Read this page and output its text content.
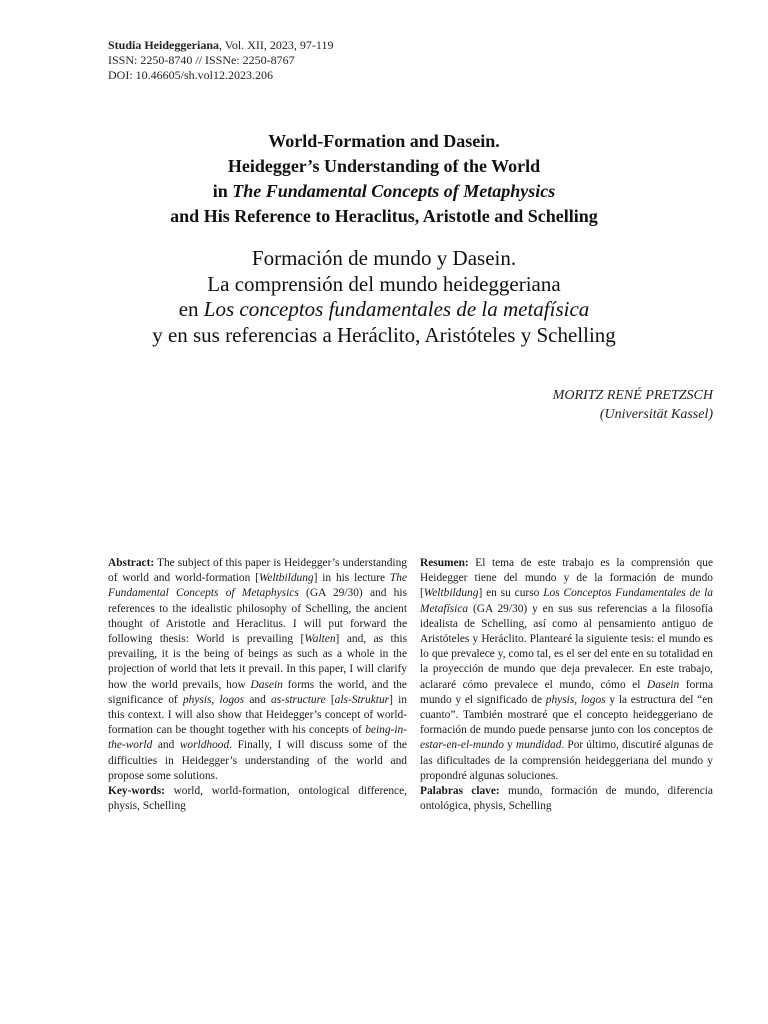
Studia Heideggeriana, Vol. XII, 2023, 97-119
ISSN: 2250-8740 // ISSNe: 2250-8767
DOI: 10.46605/sh.vol12.2023.206
World-Formation and Dasein.
Heidegger’s Understanding of the World
in The Fundamental Concepts of Metaphysics
and His Reference to Heraclitus, Aristotle and Schelling
Formación de mundo y Dasein.
La comprensión del mundo heideggeriana
en Los conceptos fundamentales de la metafísica
y en sus referencias a Heráclito, Aristóteles y Schelling
MORITZ RENÉ PRETZSCH
(Universität Kassel)

Abstract: The subject of this paper is Heidegger’s understanding of world and world-formation [Weltbildung] in his lecture The Fundamental Concepts of Metaphysics (GA 29/30) and his references to the idealistic philosophy of Schelling, the ancient thought of Aristotle and Heraclitus. I will put forward the following thesis: World is prevailing [Walten] and, as this prevailing, it is the being of beings as such as a whole in the projection of world that lets it prevail. In this paper, I will clarify how the world prevails, how Dasein forms the world, and the significance of physis, logos and as-structure [als-Struktur] in this context. I will also show that Heidegger’s concept of world-formation can be thought together with his concepts of being-in-the-world and worldhood. Finally, I will discuss some of the difficulties in Heidegger’s understanding of the world and propose some solutions.

Key-words: world, world-formation, ontological difference, physis, Schelling

Resumen: El tema de este trabajo es la comprensión que Heidegger tiene del mundo y de la formación de mundo [Weltbildung] en su curso Los Conceptos Fundamentales de la Metafísica (GA 29/30) y en sus sus referencias a la filosofía idealista de Schelling, así como al pensamiento antiguo de Aristóteles y Heráclito. Plantearé la siguiente tesis: el mundo es lo que prevalece y, como tal, es el ser del ente en su totalidad en la proyección de mundo que deja prevalecer. En este trabajo, aclararé cómo prevalece el mundo, cómo el Dasein forma mundo y el significado de physis, logos y la estructura del “en cuanto”. También mostraré que el concepto heideggeriano de formación de mundo puede pensarse junto con los conceptos de estar-en-el-mundo y mundidad. Por último, discutiré algunas de las dificultades de la comprensión heideggeriana del mundo y propondré algunas soluciones.

Palabras clave: mundo, formación de mundo, diferencia ontológica, physis, Schelling
